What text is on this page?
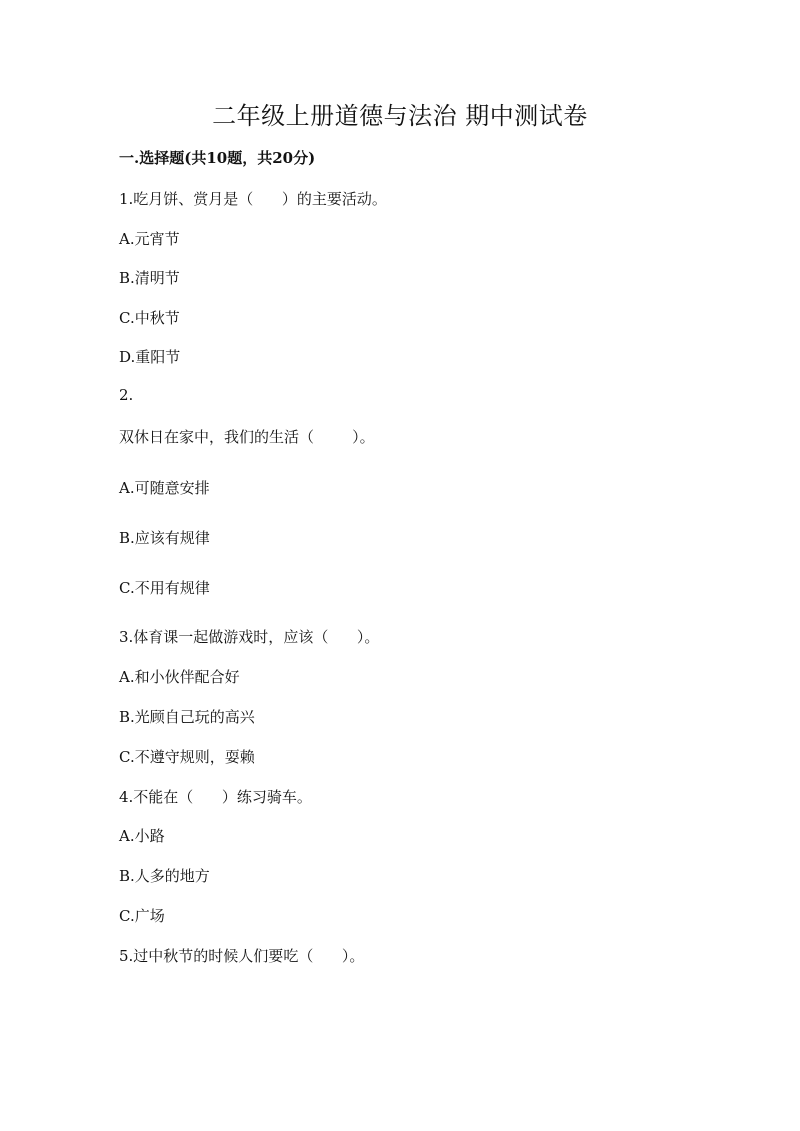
二年级上册道德与法治 期中测试卷
一.选择题(共10题，共20分)

1.吃月饼、赏月是（      ）的主要活动。

A.元宵节

B.清明节

C.中秋节

D.重阳节

2.

双休日在家中，我们的生活（        ）。

A.可随意安排

B.应该有规律

C.不用有规律

3.体育课一起做游戏时，应该（      ）。

A.和小伙伴配合好

B.光顾自己玩的高兴

C.不遵守规则，耍赖

4.不能在（      ）练习骑车。

A.小路

B.人多的地方

C.广场

5.过中秋节的时候人们要吃（      ）。
